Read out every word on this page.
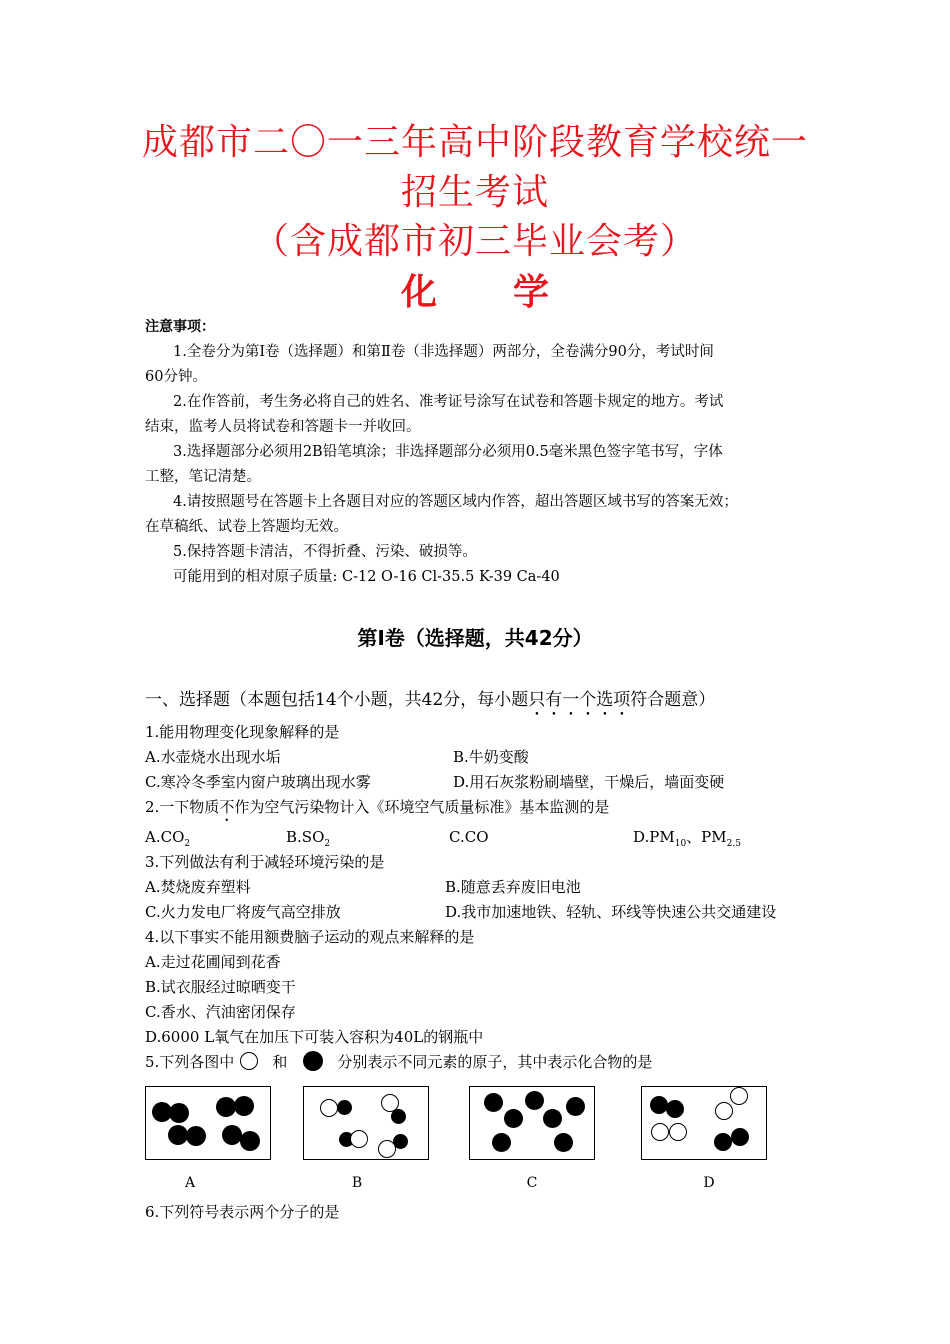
成都市二〇一三年高中阶段教育学校统一
招生考试
（含成都市初三毕业会考）
化 学
注意事项：
1.全卷分为第Ⅰ卷（选择题）和第Ⅱ卷（非选择题）两部分，全卷满分90分，考试时间
60分钟。
2.在作答前，考生务必将自己的姓名、准考证号涂写在试卷和答题卡规定的地方。考试
结束，监考人员将试卷和答题卡一并收回。
3.选择题部分必须用2B铅笔填涂；非选择题部分必须用0.5毫米黑色签字笔书写，字体
工整，笔记清楚。
4.请按照题号在答题卡上各题目对应的答题区域内作答，超出答题区域书写的答案无效；
在草稿纸、试卷上答题均无效。
5.保持答题卡清洁，不得折叠、污染、破损等。
可能用到的相对原子质量: C-12 O-16 Cl-35.5 K-39 Ca-40
第Ⅰ卷（选择题，共42分）
一、选择题（本题包括14个小题，共42分，每小题只有一个选项符合题意）
1.能用物理变化现象解释的是
A.水壶烧水出现水垢	B.牛奶变酸
C.寒冷冬季室内窗户玻璃出现水雾	D.用石灰浆粉刷墙壁，干燥后，墙面变硬
2.一下物质不作为空气污染物计入《环境空气质量标准》基本监测的是
$A.CO_2$	$B.SO_2$	C.CO	$D.PM_{10}$、$PM_{2.5}$
3.下列做法有利于减轻环境污染的是
A.焚烧废弃塑料	B.随意丢弃废旧电池
C.火力发电厂将废气高空排放	D.我市加速地铁、轻轨、环线等快速公共交通建设
4.以下事实不能用额费脑子运动的观点来解释的是
A.走过花圃闻到花香
B.试衣服经过晾晒变干
C.香水、汽油密闭保存
D.6000 L氧气在加压下可装入容积为40L的钢瓶中
5.下列各图中	和	分别表示不同元素的原子，其中表示化合物的是
A	B	C	D
6.下列符号表示两个分子的是
